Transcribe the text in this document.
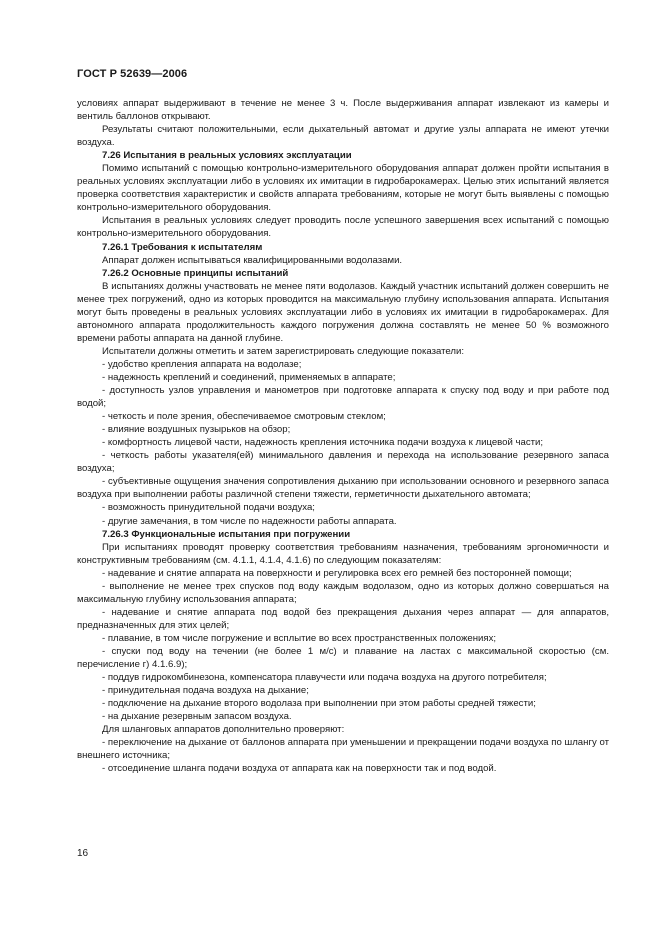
ГОСТ Р 52639—2006

условиях аппарат выдерживают в течение не менее 3 ч. После выдерживания аппарат извлекают из камеры и вентиль баллонов открывают.

Результаты считают положительными, если дыхательный автомат и другие узлы аппарата не имеют утечки воздуха.

7.26 Испытания в реальных условиях эксплуатации

Помимо испытаний с помощью контрольно-измерительного оборудования аппарат должен пройти испытания в реальных условиях эксплуатации либо в условиях их имитации в гидробарокамерах. Целью этих испытаний является проверка соответствия характеристик и свойств аппарата требованиям, которые не могут быть выявлены с помощью контрольно-измерительного оборудования.

Испытания в реальных условиях следует проводить после успешного завершения всех испытаний с помощью контрольно-измерительного оборудования.

7.26.1 Требования к испытателям

Аппарат должен испытываться квалифицированными водолазами.

7.26.2 Основные принципы испытаний

В испытаниях должны участвовать не менее пяти водолазов. Каждый участник испытаний должен совершить не менее трех погружений, одно из которых проводится на максимальную глубину использования аппарата. Испытания могут быть проведены в реальных условиях эксплуатации либо в условиях их имитации в гидробарокамерах. Для автономного аппарата продолжительность каждого погружения должна составлять не менее 50 % возможного времени работы аппарата на данной глубине.

Испытатели должны отметить и затем зарегистрировать следующие показатели:

- удобство крепления аппарата на водолазе;

- надежность креплений и соединений, применяемых в аппарате;

- доступность узлов управления и манометров при подготовке аппарата к спуску под воду и при работе под водой;

- четкость и поле зрения, обеспечиваемое смотровым стеклом;

- влияние воздушных пузырьков на обзор;

- комфортность лицевой части, надежность крепления источника подачи воздуха к лицевой части;

- четкость работы указателя(ей) минимального давления и перехода на использование резервного запаса воздуха;

- субъективные ощущения значения сопротивления дыханию при использовании основного и резервного запаса воздуха при выполнении работы различной степени тяжести, герметичности дыхательного автомата;

- возможность принудительной подачи воздуха;

- другие замечания, в том числе по надежности работы аппарата.

7.26.3 Функциональные испытания при погружении

При испытаниях проводят проверку соответствия требованиям назначения, требованиям эргономичности и конструктивным требованиям (см. 4.1.1, 4.1.4, 4.1.6) по следующим показателям:

- надевание и снятие аппарата на поверхности и регулировка всех его ремней без посторонней помощи;

- выполнение не менее трех спусков под воду каждым водолазом, одно из которых должно совершаться на максимальную глубину использования аппарата;

- надевание и снятие аппарата под водой без прекращения дыхания через аппарат — для аппаратов, предназначенных для этих целей;

- плавание, в том числе погружение и всплытие во всех пространственных положениях;

- спуски под воду на течении (не более 1 м/с) и плавание на ластах с максимальной скоростью (см. перечисление г) 4.1.6.9);

- поддув гидрокомбинезона, компенсатора плавучести или подача воздуха на другого потребителя;

- принудительная подача воздуха на дыхание;

- подключение на дыхание второго водолаза при выполнении при этом работы средней тяжести;

- на дыхание резервным запасом воздуха.

Для шланговых аппаратов дополнительно проверяют:

- переключение на дыхание от баллонов аппарата при уменьшении и прекращении подачи воздуха по шлангу от внешнего источника;

- отсоединение шланга подачи воздуха от аппарата как на поверхности так и под водой.

16
